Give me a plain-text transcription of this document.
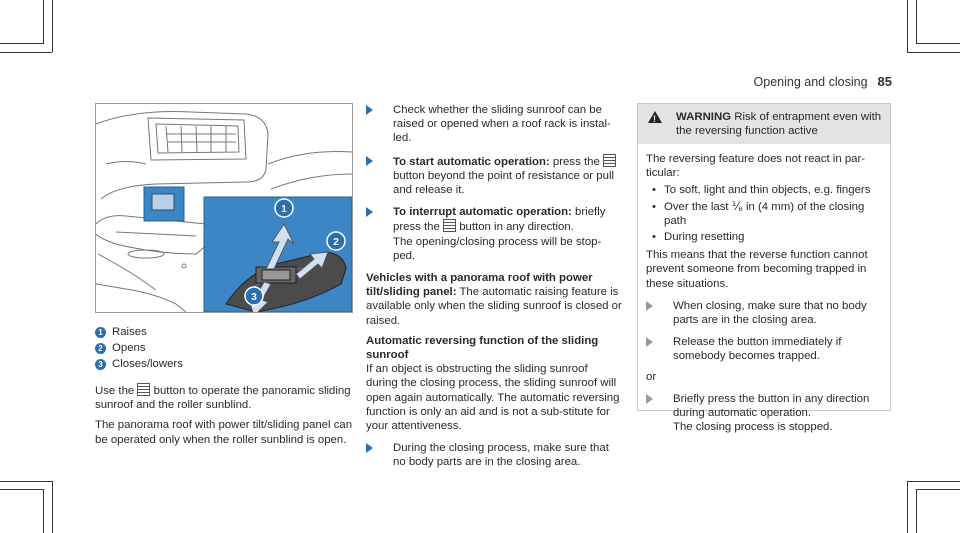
Opening and closing 85
1
2
3
1 Raises
2 Opens
3 Closes/lowers

Use the button to operate the panoramic sliding sunroof and the roller sunblind.

The panorama roof with power tilt/sliding panel can be operated only when the roller sunblind is open.

Check whether the sliding sunroof can be raised or opened when a roof rack is instal-led.
To start automatic operation: press the  button beyond the point of resistance or pull and release it.
To interrupt automatic operation: briefly press the button in any direction.
The opening/closing process will be stop-ped.

Vehicles with a panorama roof with power tilt/sliding panel: The automatic raising feature is available only when the sliding sunroof is closed or raised.

Automatic reversing function of the sliding sunroof

If an object is obstructing the sliding sunroof during the closing process, the sliding sunroof will open again automatically. The automatic reversing function is only an aid and is not a sub-stitute for your attentiveness.

During the closing process, make sure that no body parts are in the closing area.
!
WARNING Risk of entrapment even with the reversing function active

The reversing feature does not react in par-ticular:

• To soft, light and thin objects, e.g. fingers
• Over the last ⅟₆ in (4 mm) of the closing path
• During resetting

This means that the reverse function cannot prevent someone from becoming trapped in these situations.

When closing, make sure that no body parts are in the closing area.
Release the button immediately if somebody becomes trapped.
or
Briefly press the button in any direction during automatic operation.
The closing process is stopped.
